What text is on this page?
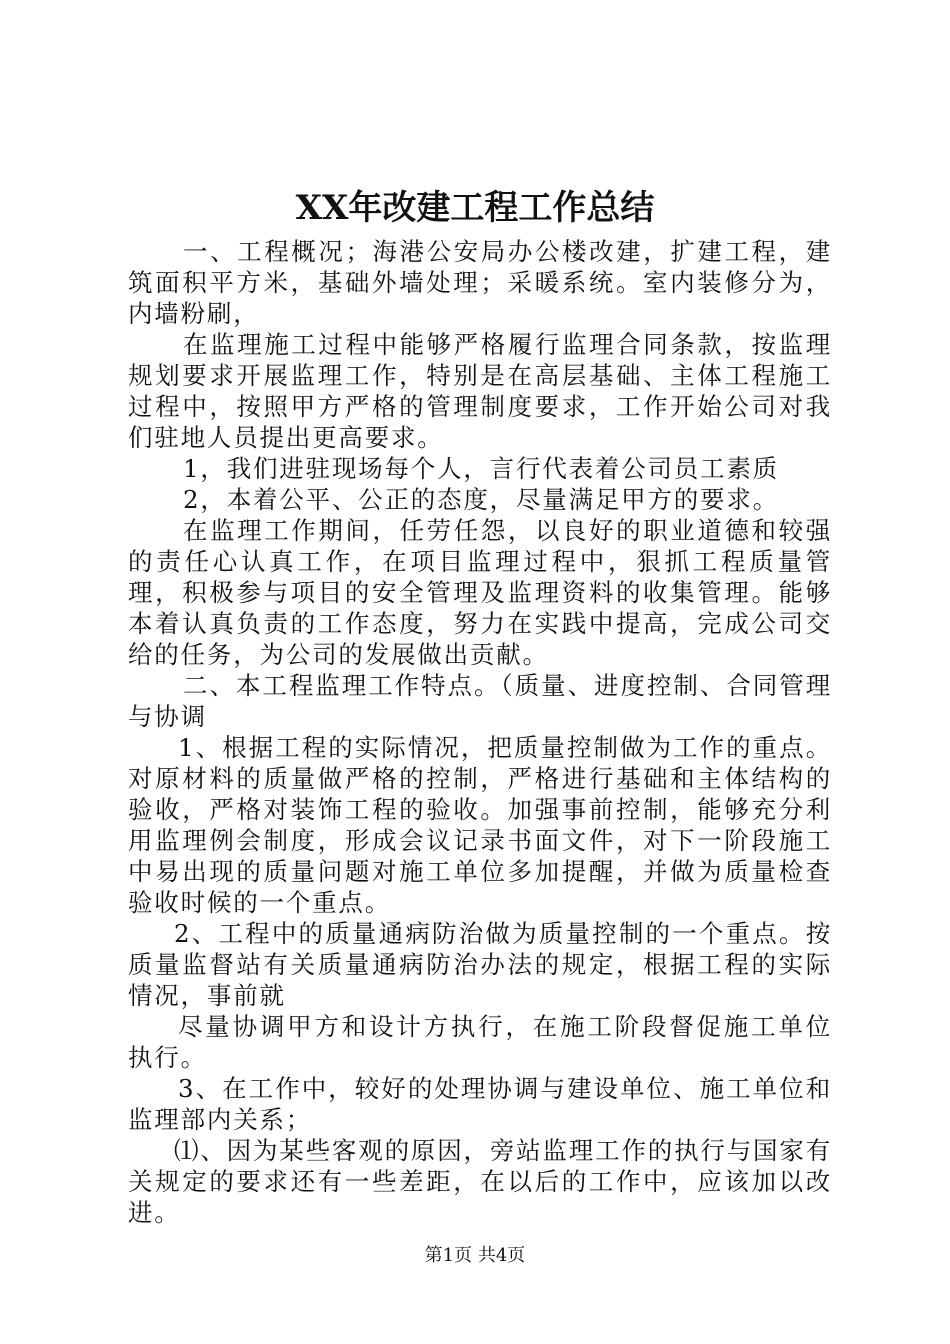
XX年改建工程工作总结

一、工程概况；海港公安局办公楼改建，扩建工程，建筑面积平方米，基础外墙处理；采暖系统。室内装修分为，内墙粉刷，

在监理施工过程中能够严格履行监理合同条款，按监理规划要求开展监理工作，特别是在高层基础、主体工程施工过程中，按照甲方严格的管理制度要求，工作开始公司对我们驻地人员提出更高要求。

1，我们进驻现场每个人，言行代表着公司员工素质

2，本着公平、公正的态度，尽量满足甲方的要求。

在监理工作期间，任劳任怨，以良好的职业道德和较强的责任心认真工作，在项目监理过程中，狠抓工程质量管理，积极参与项目的安全管理及监理资料的收集管理。能够本着认真负责的工作态度，努力在实践中提高，完成公司交给的任务，为公司的发展做出贡献。

二、本工程监理工作特点。（质量、进度控制、合同管理与协调

1、根据工程的实际情况，把质量控制做为工作的重点。对原材料的质量做严格的控制，严格进行基础和主体结构的验收，严格对装饰工程的验收。加强事前控制，能够充分利用监理例会制度，形成会议记录书面文件，对下一阶段施工中易出现的质量问题对施工单位多加提醒，并做为质量检查验收时候的一个重点。

2、工程中的质量通病防治做为质量控制的一个重点。按质量监督站有关质量通病防治办法的规定，根据工程的实际情况，事前就

尽量协调甲方和设计方执行，在施工阶段督促施工单位执行。

3、在工作中，较好的处理协调与建设单位、施工单位和监理部内关系；

⑴、因为某些客观的原因，旁站监理工作的执行与国家有关规定的要求还有一些差距，在以后的工作中，应该加以改进。

第1页 共4页
